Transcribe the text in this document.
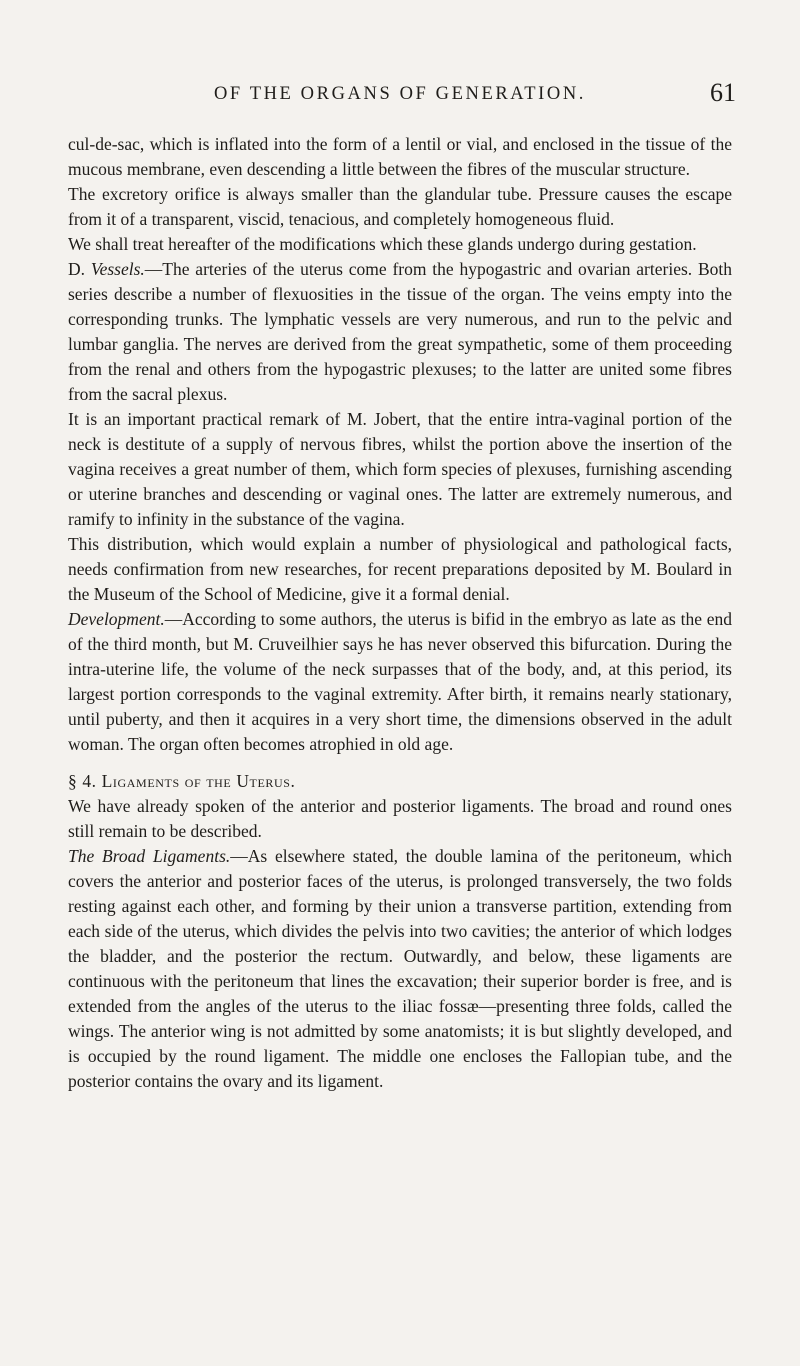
OF THE ORGANS OF GENERATION.	61

cul-de-sac, which is inflated into the form of a lentil or vial, and enclosed in the tissue of the mucous membrane, even descending a little between the fibres of the muscular structure.

The excretory orifice is always smaller than the glandular tube. Pressure causes the escape from it of a transparent, viscid, tenacious, and completely homogeneous fluid.

We shall treat hereafter of the modifications which these glands undergo during gestation.

D. Vessels.—The arteries of the uterus come from the hypogastric and ovarian arteries. Both series describe a number of flexuosities in the tissue of the organ. The veins empty into the corresponding trunks. The lymphatic vessels are very numerous, and run to the pelvic and lumbar ganglia. The nerves are derived from the great sympathetic, some of them proceeding from the renal and others from the hypogastric plexuses; to the latter are united some fibres from the sacral plexus.

It is an important practical remark of M. Jobert, that the entire intra-vaginal portion of the neck is destitute of a supply of nervous fibres, whilst the portion above the insertion of the vagina receives a great number of them, which form species of plexuses, furnishing ascending or uterine branches and descending or vaginal ones. The latter are extremely numerous, and ramify to infinity in the substance of the vagina.

This distribution, which would explain a number of physiological and pathological facts, needs confirmation from new researches, for recent preparations deposited by M. Boulard in the Museum of the School of Medicine, give it a formal denial.

Development.—According to some authors, the uterus is bifid in the embryo as late as the end of the third month, but M. Cruveilhier says he has never observed this bifurcation. During the intra-uterine life, the volume of the neck surpasses that of the body, and, at this period, its largest portion corresponds to the vaginal extremity. After birth, it remains nearly stationary, until puberty, and then it acquires in a very short time, the dimensions observed in the adult woman. The organ often becomes atrophied in old age.

§ 4. Ligaments of the Uterus.

We have already spoken of the anterior and posterior ligaments. The broad and round ones still remain to be described.

The Broad Ligaments.—As elsewhere stated, the double lamina of the peritoneum, which covers the anterior and posterior faces of the uterus, is prolonged transversely, the two folds resting against each other, and forming by their union a transverse partition, extending from each side of the uterus, which divides the pelvis into two cavities; the anterior of which lodges the bladder, and the posterior the rectum. Outwardly, and below, these ligaments are continuous with the peritoneum that lines the excavation; their superior border is free, and is extended from the angles of the uterus to the iliac fossæ—presenting three folds, called the wings. The anterior wing is not admitted by some anatomists; it is but slightly developed, and is occupied by the round ligament. The middle one encloses the Fallopian tube, and the posterior contains the ovary and its ligament.
